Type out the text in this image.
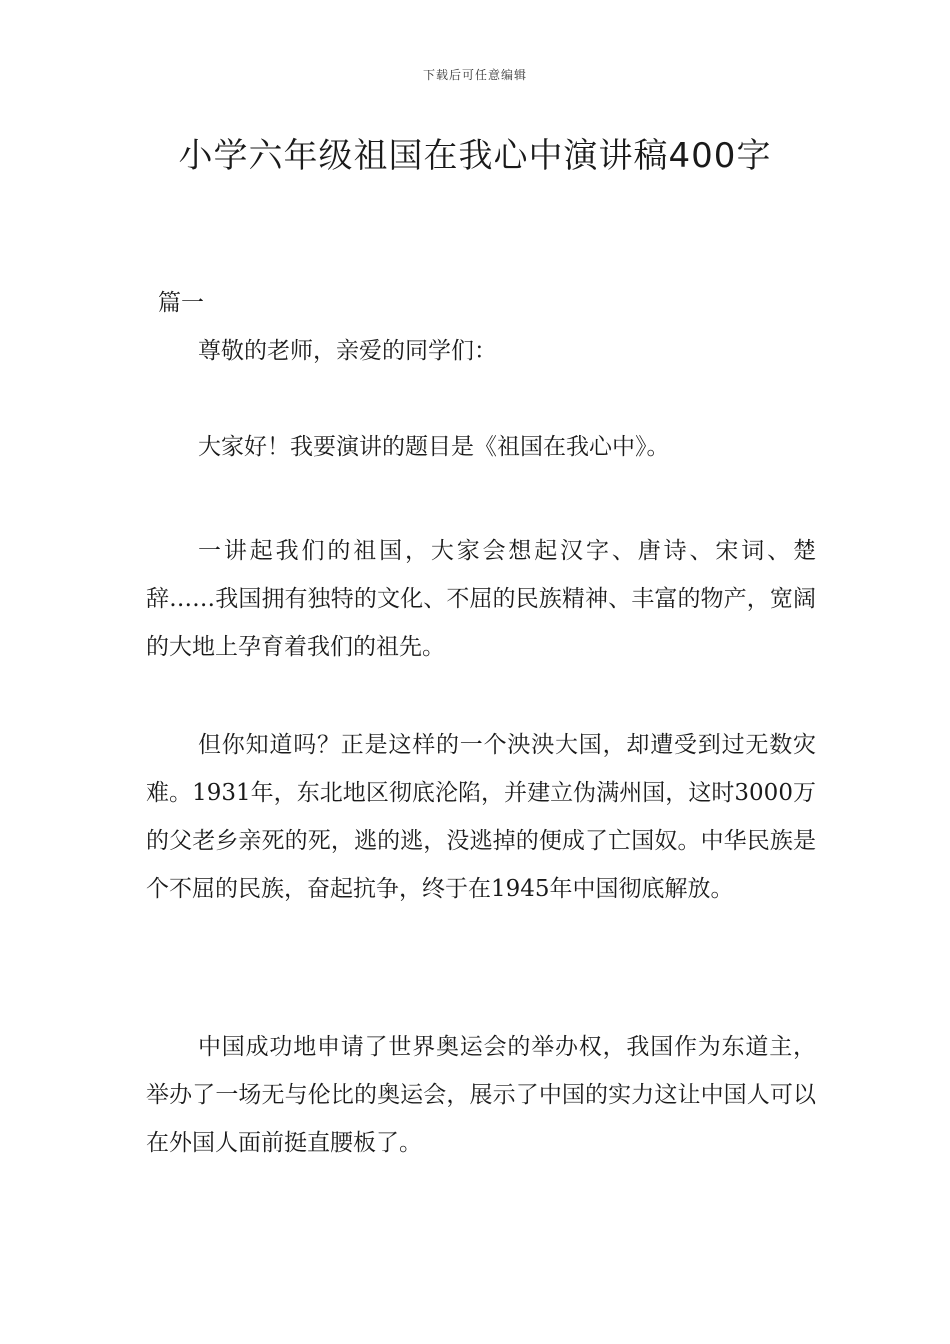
下载后可任意编辑
小学六年级祖国在我心中演讲稿400字

篇一

尊敬的老师，亲爱的同学们：

大家好！我要演讲的题目是《祖国在我心中》。

一讲起我们的祖国，大家会想起汉字、唐诗、宋词、楚辞……我国拥有独特的文化、不屈的民族精神、丰富的物产，宽阔的大地上孕育着我们的祖先。

但你知道吗？正是这样的一个泱泱大国，却遭受到过无数灾难。1931年，东北地区彻底沦陷，并建立伪满州国，这时3000万的父老乡亲死的死，逃的逃，没逃掉的便成了亡国奴。中华民族是个不屈的民族，奋起抗争，终于在1945年中国彻底解放。

中国成功地申请了世界奥运会的举办权，我国作为东道主，举办了一场无与伦比的奥运会，展示了中国的实力这让中国人可以在外国人面前挺直腰板了。
